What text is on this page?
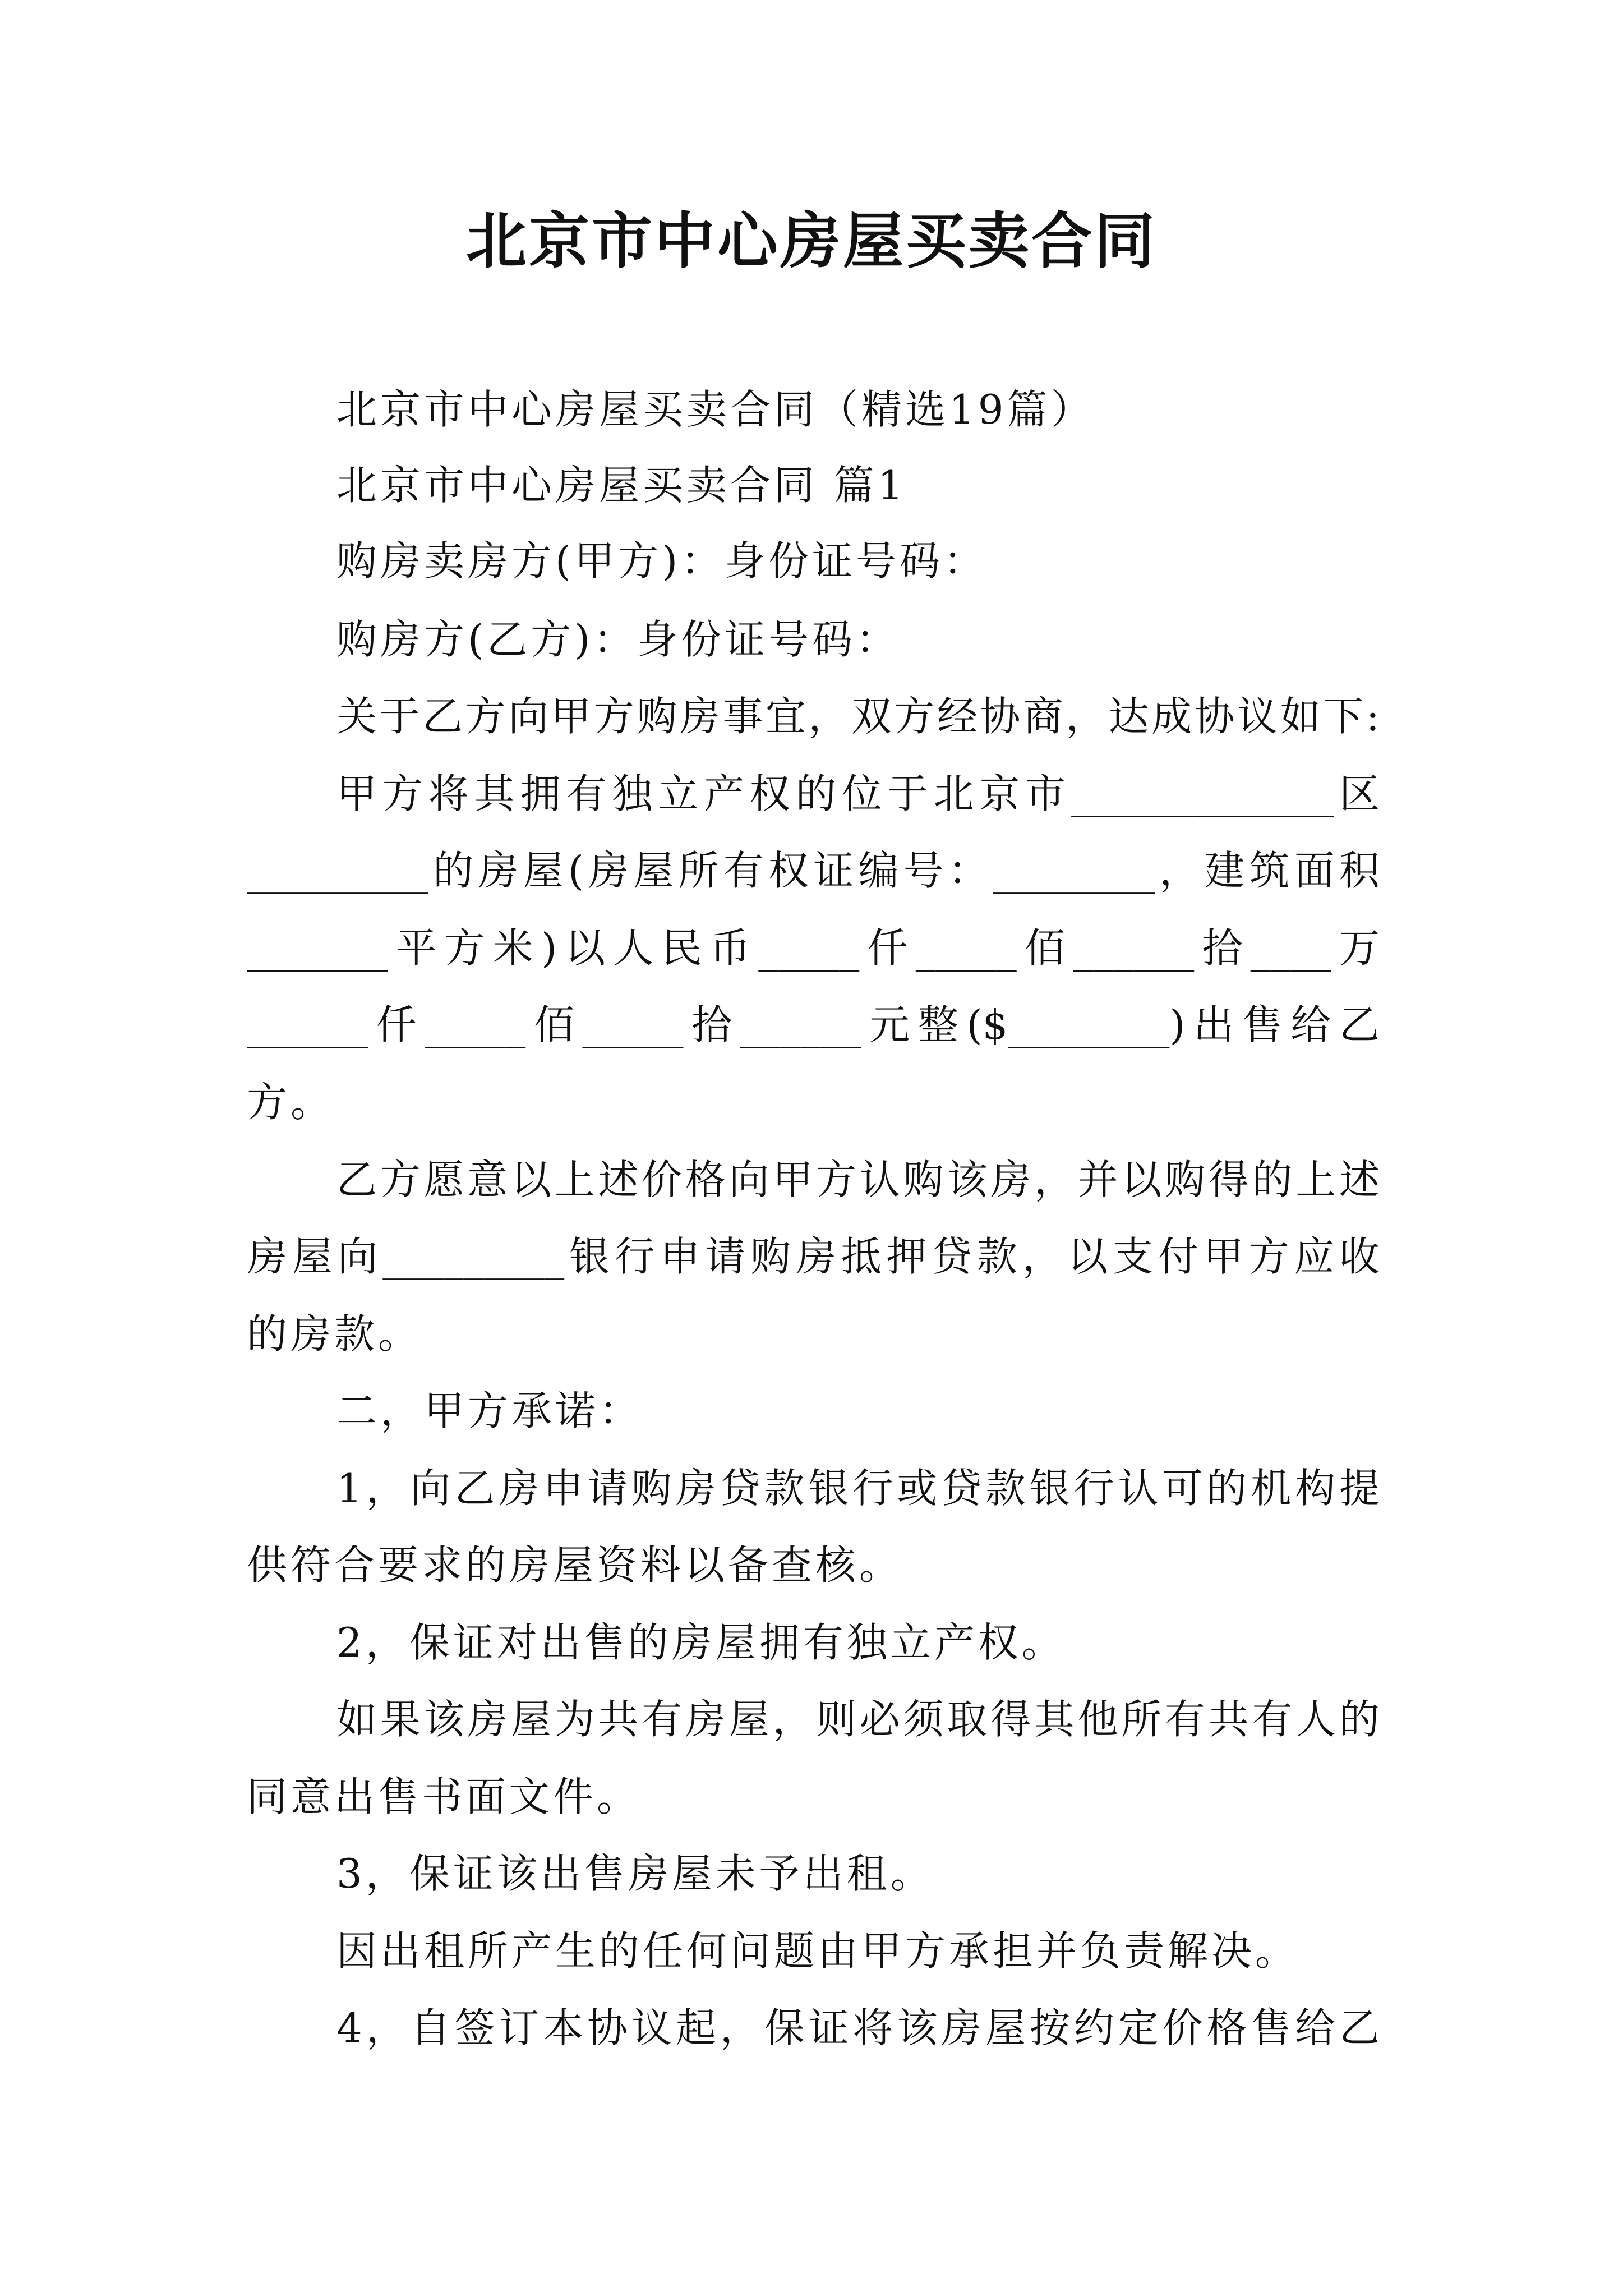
北京市中心房屋买卖合同
北京市中心房屋买卖合同（精选19篇）
北京市中心房屋买卖合同 篇1
购房卖房方(甲方)：身份证号码：
购房方(乙方)：身份证号码：
关于乙方向甲方购房事宜，双方经协商，达成协议如下:
甲方将其拥有独立产权的位于北京市_____________区
_________的房屋(房屋所有权证编号：________，建筑面积
_______平方米)以人民币_____仟_____佰______拾____万
______仟_____佰_____拾______元整($________)出售给乙
方。
乙方愿意以上述价格向甲方认购该房，并以购得的上述
房屋向_________银行申请购房抵押贷款，以支付甲方应收
的房款。
二，甲方承诺：
1，向乙房申请购房贷款银行或贷款银行认可的机构提
供符合要求的房屋资料以备查核。
2，保证对出售的房屋拥有独立产权。
如果该房屋为共有房屋，则必须取得其他所有共有人的
同意出售书面文件。
3，保证该出售房屋未予出租。
因出租所产生的任何问题由甲方承担并负责解决。
4，自签订本协议起，保证将该房屋按约定价格售给乙
